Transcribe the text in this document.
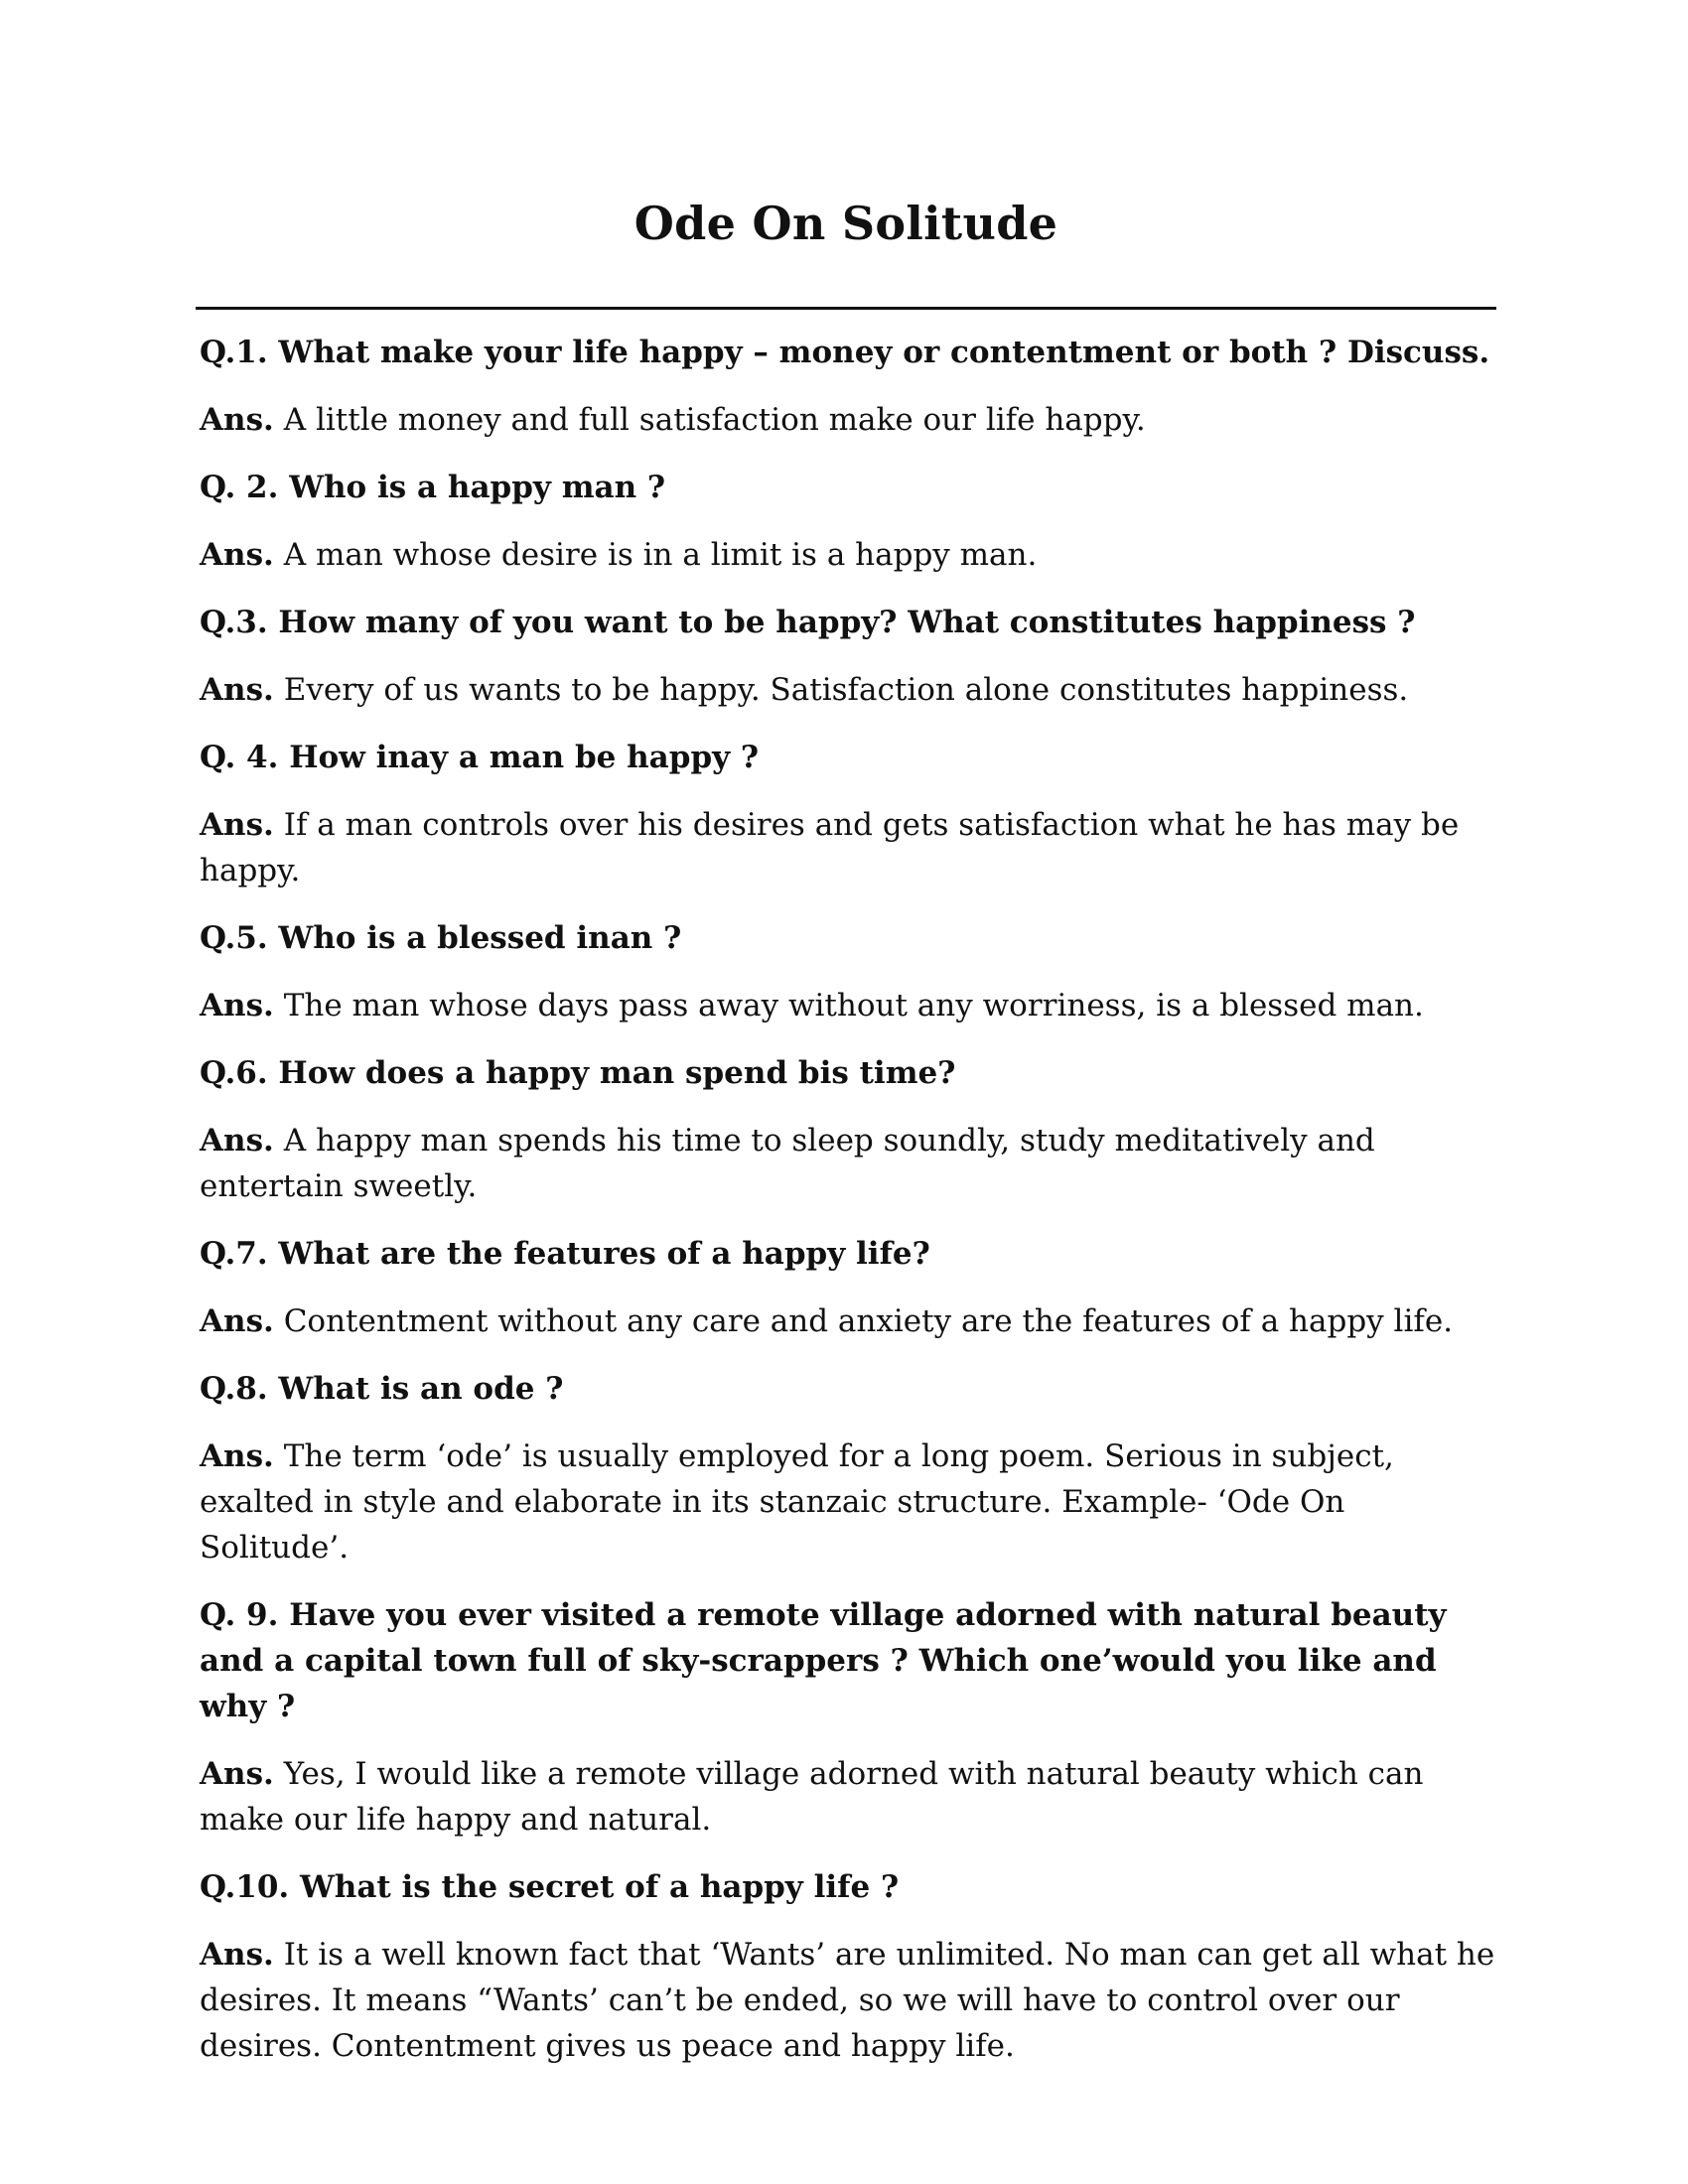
Ode On Solitude

Q.1. What make your life happy – money or contentment or both ? Discuss.

Ans. A little money and full satisfaction make our life happy.

Q. 2. Who is a happy man ?

Ans. A man whose desire is in a limit is a happy man.

Q.3. How many of you want to be happy? What constitutes happiness ?

Ans. Every of us wants to be happy. Satisfaction alone constitutes happiness.

Q. 4. How inay a man be happy ?

Ans. If a man controls over his desires and gets satisfaction what he has may be happy.

Q.5. Who is a blessed inan ?

Ans. The man whose days pass away without any worriness, is a blessed man.

Q.6. How does a happy man spend bis time?

Ans. A happy man spends his time to sleep soundly, study meditatively and entertain sweetly.

Q.7. What are the features of a happy life?

Ans. Contentment without any care and anxiety are the features of a happy life.

Q.8. What is an ode ?

Ans. The term ‘ode’ is usually employed for a long poem. Serious in subject, exalted in style and elaborate in its stanzaic structure. Example- ‘Ode On Solitude’.

Q. 9. Have you ever visited a remote village adorned with natural beauty and a capital town full of sky-scrappers ? Which one’would you like and why ?

Ans. Yes, I would like a remote village adorned with natural beauty which can make our life happy and natural.

Q.10. What is the secret of a happy life ?

Ans. It is a well known fact that ‘Wants’ are unlimited. No man can get all what he desires. It means “Wants’ can’t be ended, so we will have to control over our desires. Contentment gives us peace and happy life.
